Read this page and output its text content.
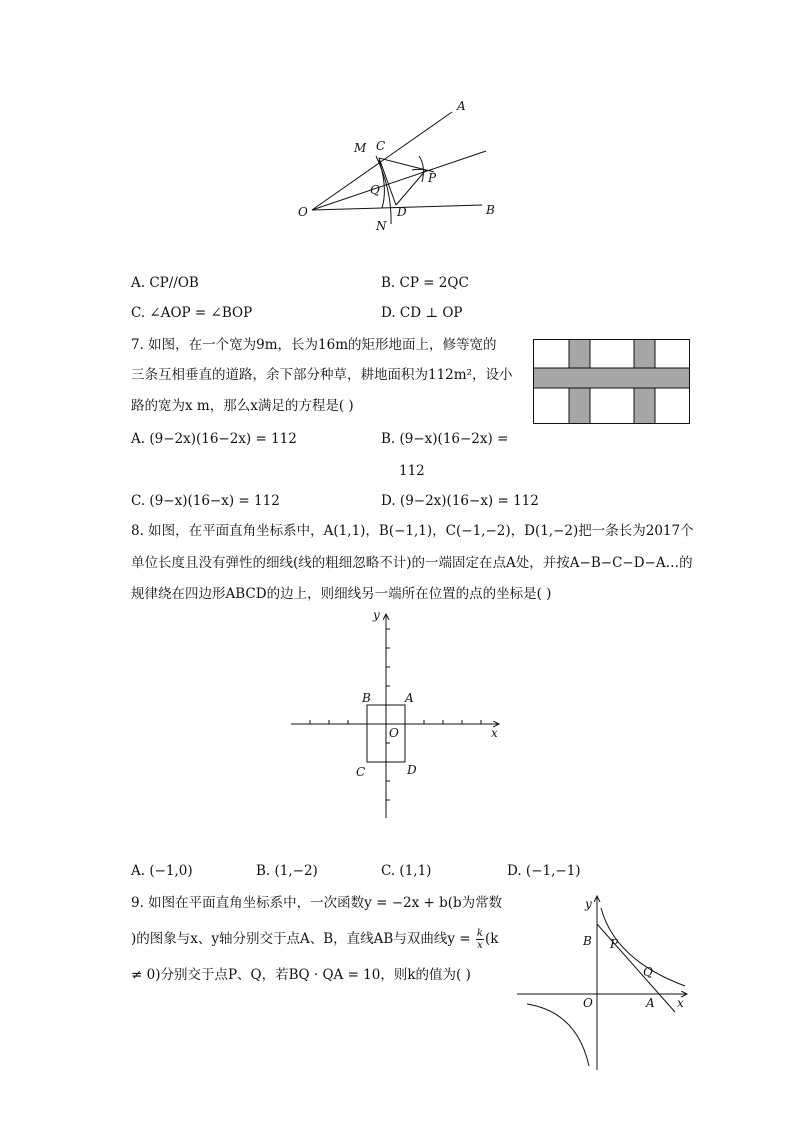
A
B
M C
P
Q
O	D
N
A. CP//OB	B. CP = 2QC
C. ∠AOP = ∠BOP	D. CD ⊥ OP
7. 如图，在一个宽为9m，长为16m的矩形地面上，修等宽的
三条互相垂直的道路，余下部分种草，耕地面积为112m²，设小
路的宽为x m，那么x满足的方程是( )
A. (9−2x)(16−2x) = 112	B. (9−x)(16−2x) =
112
C. (9−x)(16−x) = 112	D. (9−2x)(16−x) = 112
8. 如图，在平面直角坐标系中，A(1,1)，B(−1,1)，C(−1,−2)，D(1,−2)把一条长为2017个
单位长度且没有弹性的细线(线的粗细忽略不计)的一端固定在点A处，并按A−B−C−D−A…的
规律绕在四边形ABCD的边上，则细线另一端所在位置的点的坐标是( )
y
x
B	A
O
C	D
A. (−1,0)	B. (1,−2)	C. (1,1)	D. (−1,−1)
9. 如图在平面直角坐标系中，一次函数y = −2x + b(b为常数
)的图象与x、y轴分别交于点A、B，直线AB与双曲线$y = \frac{k}{x} (k$
≠ 0)分别交于点P、Q，若BQ · QA = 10，则k的值为( )
y
x
B P
Q
O	A
